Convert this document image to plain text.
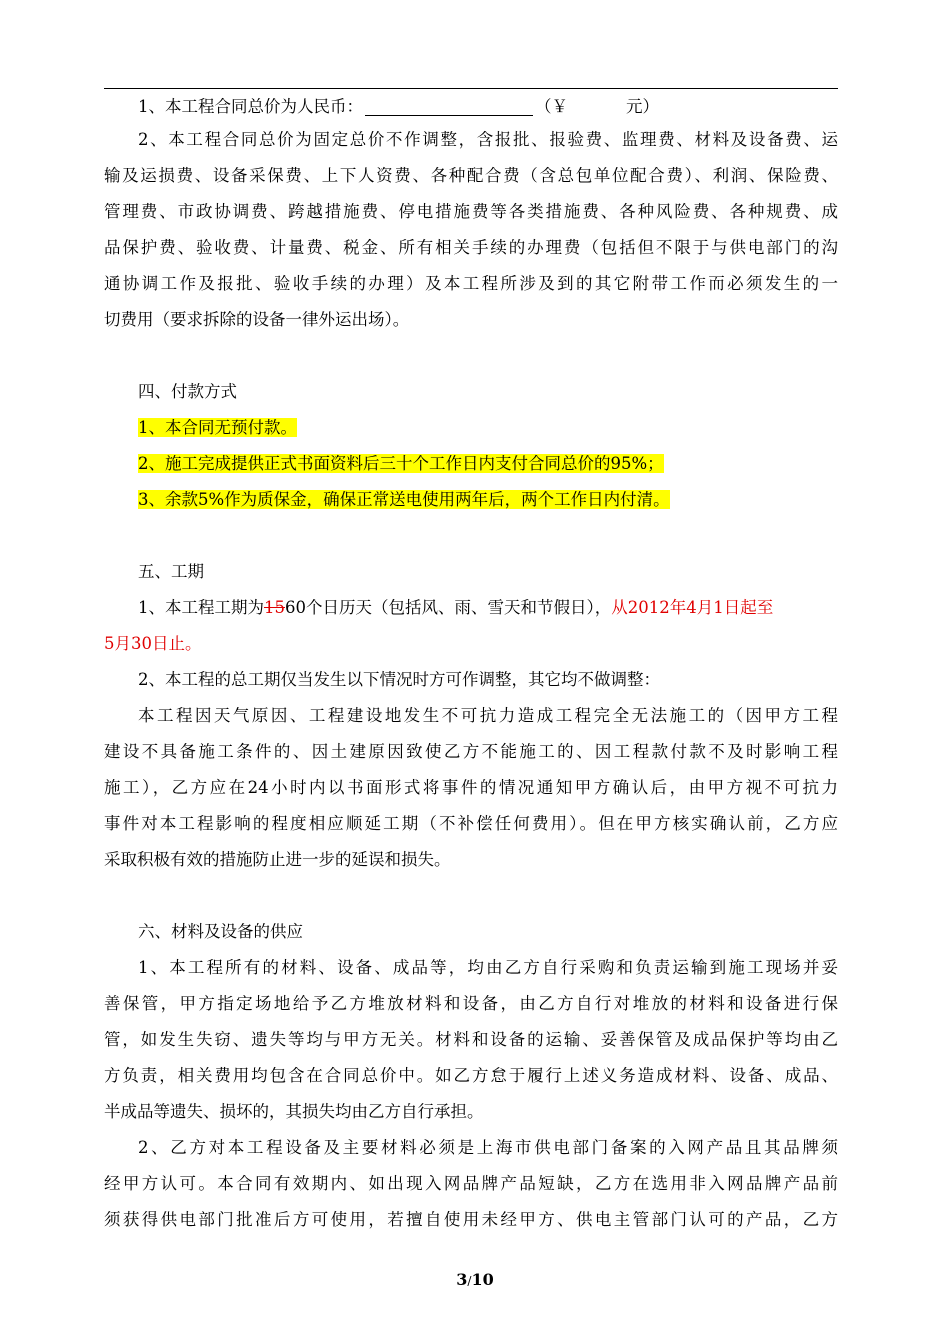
1、本工程合同总价为人民币：	（￥	元）
2、本工程合同总价为固定总价不作调整，含报批、报验费、监理费、材料及设备费、运
输及运损费、设备采保费、上下人资费、各种配合费（含总包单位配合费）、利润、保险费、
管理费、市政协调费、跨越措施费、停电措施费等各类措施费、各种风险费、各种规费、成
品保护费、验收费、计量费、税金、所有相关手续的办理费（包括但不限于与供电部门的沟
通协调工作及报批、验收手续的办理）及本工程所涉及到的其它附带工作而必须发生的一
切费用（要求拆除的设备一律外运出场）。
四、付款方式
1、本合同无预付款。
2、施工完成提供正式书面资料后三十个工作日内支付合同总价的95%；
3、余款5%作为质保金，确保正常送电使用两年后，两个工作日内付清。
五、工期
1、本工程工期为1560个日历天（包括风、雨、雪天和节假日），从2012年4月1日起至
5月30日止。
2、本工程的总工期仅当发生以下情况时方可作调整，其它均不做调整：
本工程因天气原因、工程建设地发生不可抗力造成工程完全无法施工的（因甲方工程
建设不具备施工条件的、因土建原因致使乙方不能施工的、因工程款付款不及时影响工程
施工），乙方应在24小时内以书面形式将事件的情况通知甲方确认后，由甲方视不可抗力
事件对本工程影响的程度相应顺延工期（不补偿任何费用）。但在甲方核实确认前，乙方应
采取积极有效的措施防止进一步的延误和损失。
六、材料及设备的供应
1、本工程所有的材料、设备、成品等，均由乙方自行采购和负责运输到施工现场并妥
善保管，甲方指定场地给予乙方堆放材料和设备，由乙方自行对堆放的材料和设备进行保
管，如发生失窃、遗失等均与甲方无关。材料和设备的运输、妥善保管及成品保护等均由乙
方负责，相关费用均包含在合同总价中。如乙方怠于履行上述义务造成材料、设备、成品、
半成品等遗失、损坏的，其损失均由乙方自行承担。
2、乙方对本工程设备及主要材料必须是上海市供电部门备案的入网产品且其品牌须
经甲方认可。本合同有效期内、如出现入网品牌产品短缺，乙方在选用非入网品牌产品前
须获得供电部门批准后方可使用，若擅自使用未经甲方、供电主管部门认可的产品，乙方
3/10
